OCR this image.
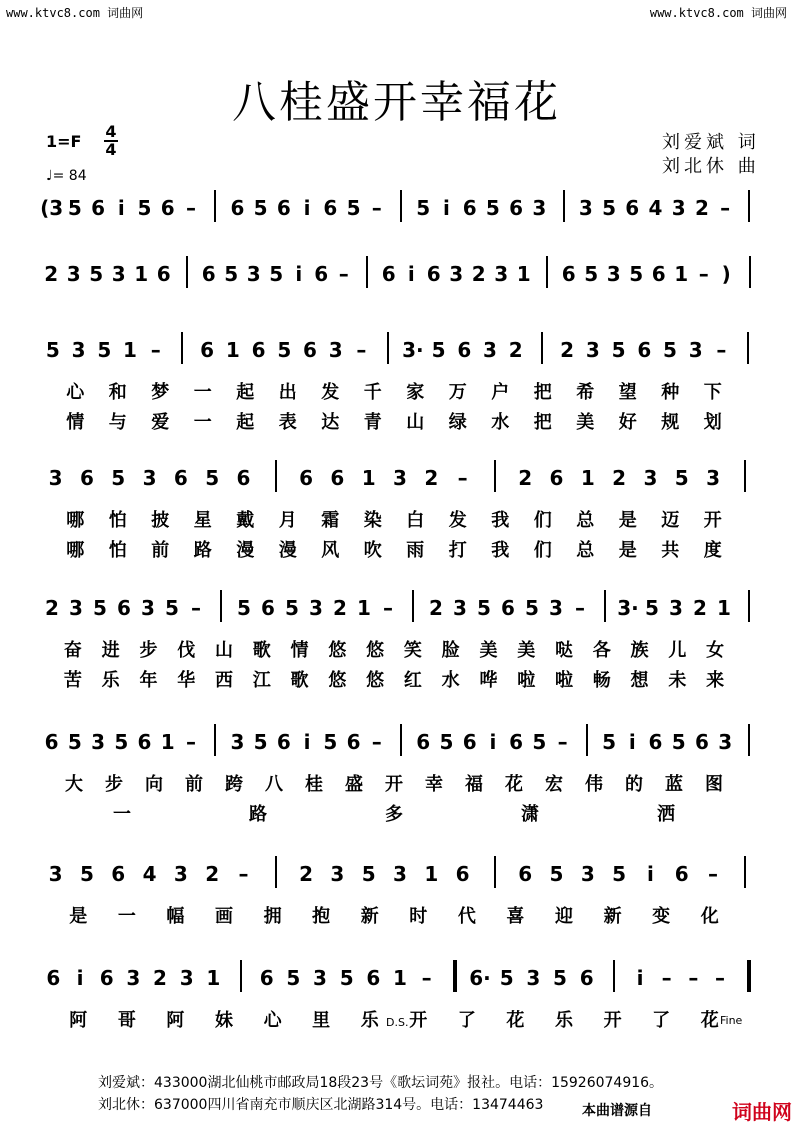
www.ktvc8.com 词曲网	www.ktvc8.com 词曲网
八桂盛开幸福花
1=F
4
4
♩= 84
刘爱斌 词
刘北休 曲
(3 5 6 i 5 6 – 6 5 6 i 6 5 – 5 i 6 5 6 3 3 5 6 4 3 2 –
2 3 5 3 1 6 6 5 3 5 i 6 – 6 i 6 3 2 3 1 6 5 3 5 6 1 – )
5 3 5 1 – 6 1 6 5 6 3 – 3· 5 6 3 2 2 3 5 6 5 3 –
心 和 梦 一 起 出 发 千 家 万 户 把 希 望 种 下
情 与 爱 一 起 表 达 青 山 绿 水 把 美 好 规 划
3 6 5 3 6 5 6 6 6 1 3 2 –	2 6 1 2 3 5 3
哪 怕 披 星 戴 月 霜 染 白 发 我 们 总 是 迈 开
哪 怕 前 路 漫 漫 风 吹 雨 打 我 们 总 是 共 度
2 3 5 6 3 5 – 5 6 5 3 2 1 – 2 3 5 6 5 3 – 3· 5 3 2 1
奋 进 步 伐 山 歌 情 悠 悠 笑 脸 美 美 哒 各 族 儿 女
苦 乐 年 华 西 江 歌 悠 悠 红 水 哗 啦 啦 畅 想 未 来
6 5 3 5 6 1 – 3 5 6 i 5 6 – 6 5 6 i 6 5 – 5 i 6 5 6 3
大 步 向 前 跨 八 桂 盛 开 幸 福 花 宏 伟 的 蓝 图
一	路	多	潇	洒
3 5 6 4 3 2 –	2 3 5 3 1 6 6 5 3 5 i 6 –
是 一 幅 画 拥 抱 新 时 代 喜 迎 新 变 化
6 i 6 3 2 3 1 6 5 3 5 6 1 – 6· 5 3 5 6 i – – –
阿 哥 阿 妹 心 里 乐 开 了 花 乐 开 了 花
D.S.	Fine
刘爱斌：433000湖北仙桃市邮政局18段23号《歌坛词苑》报社。电话：15926074916。
刘北休：637000四川省南充市顺庆区北湖路314号。电话：13474463	本曲谱源自	词曲网
